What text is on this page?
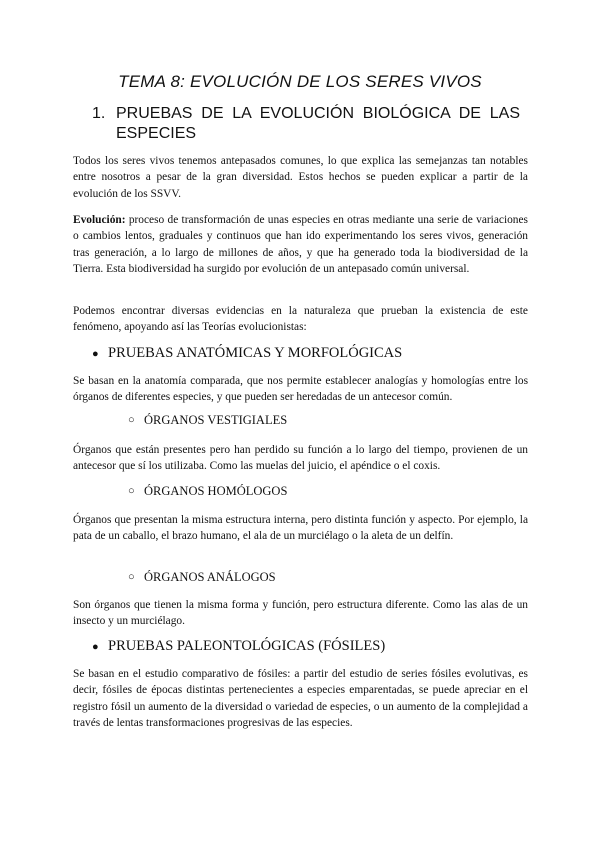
TEMA 8: EVOLUCIÓN DE LOS SERES VIVOS
1. PRUEBAS DE LA EVOLUCIÓN BIOLÓGICA DE LAS ESPECIES

Todos los seres vivos tenemos antepasados comunes, lo que explica las semejanzas tan notables entre nosotros a pesar de la gran diversidad. Estos hechos se pueden explicar a partir de la evolución de los SSVV.

Evolución: proceso de transformación de unas especies en otras mediante una serie de variaciones o cambios lentos, graduales y continuos que han ido experimentando los seres vivos, generación tras generación, a lo largo de millones de años, y que ha generado toda la biodiversidad de la Tierra. Esta biodiversidad ha surgido por evolución de un antepasado común universal.

Podemos encontrar diversas evidencias en la naturaleza que prueban la existencia de este fenómeno, apoyando así las Teorías evolucionistas:

● PRUEBAS ANATÓMICAS Y MORFOLÓGICAS

Se basan en la anatomía comparada, que nos permite establecer analogías y homologías entre los órganos de diferentes especies, y que pueden ser heredadas de un antecesor común.

○ ÓRGANOS VESTIGIALES

Órganos que están presentes pero han perdido su función a lo largo del tiempo, provienen de un antecesor que sí los utilizaba. Como las muelas del juicio, el apéndice o el coxis.

○ ÓRGANOS HOMÓLOGOS

Órganos que presentan la misma estructura interna, pero distinta función y aspecto. Por ejemplo, la pata de un caballo, el brazo humano, el ala de un murciélago o la aleta de un delfín.

○ ÓRGANOS ANÁLOGOS

Son órganos que tienen la misma forma y función, pero estructura diferente. Como las alas de un insecto y un murciélago.

● PRUEBAS PALEONTOLÓGICAS (FÓSILES)

Se basan en el estudio comparativo de fósiles: a partir del estudio de series fósiles evolutivas, es decir, fósiles de épocas distintas pertenecientes a especies emparentadas, se puede apreciar en el registro fósil un aumento de la diversidad o variedad de especies, o un aumento de la complejidad a través de lentas transformaciones progresivas de las especies.
